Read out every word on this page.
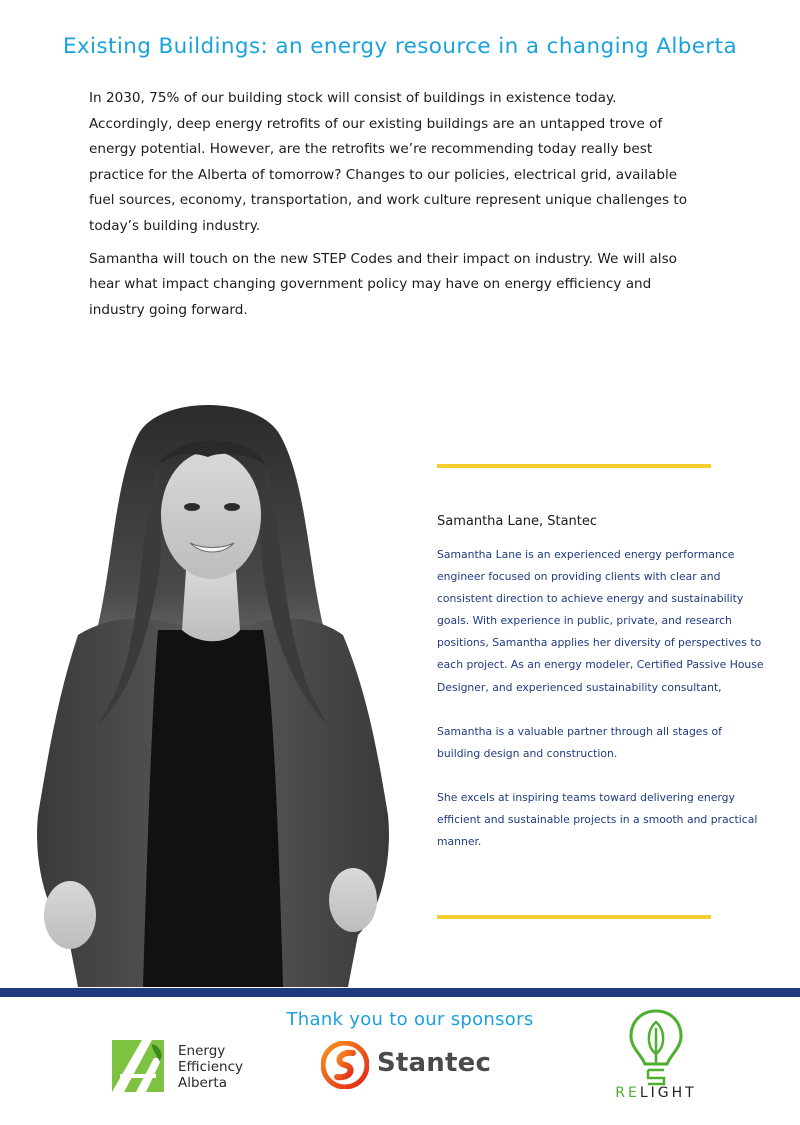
Existing Buildings: an energy resource in a changing Alberta

In 2030, 75% of our building stock will consist of buildings in existence today. Accordingly, deep energy retrofits of our existing buildings are an untapped trove of energy potential. However, are the retrofits we’re recommending today really best practice for the Alberta of tomorrow? Changes to our policies, electrical grid, available fuel sources, economy, transportation, and work culture represent unique challenges to today’s building industry.

Samantha will touch on the new STEP Codes and their impact on industry. We will also hear what impact changing government policy may have on energy efficiency and industry going forward.

Samantha Lane, Stantec

Samantha Lane is an experienced energy performance engineer focused on providing clients with clear and consistent direction to achieve energy and sustainability goals. With experience in public, private, and research positions, Samantha applies her diversity of perspectives to each project. As an energy modeler, Certified Passive House Designer, and experienced sustainability consultant,

Samantha is a valuable partner through all stages of building design and construction.

She excels at inspiring teams toward delivering energy efficient and sustainable projects in a smooth and practical manner.

Thank you to our sponsors
Energy
Efficiency
Alberta
Stantec
RELIGHT
